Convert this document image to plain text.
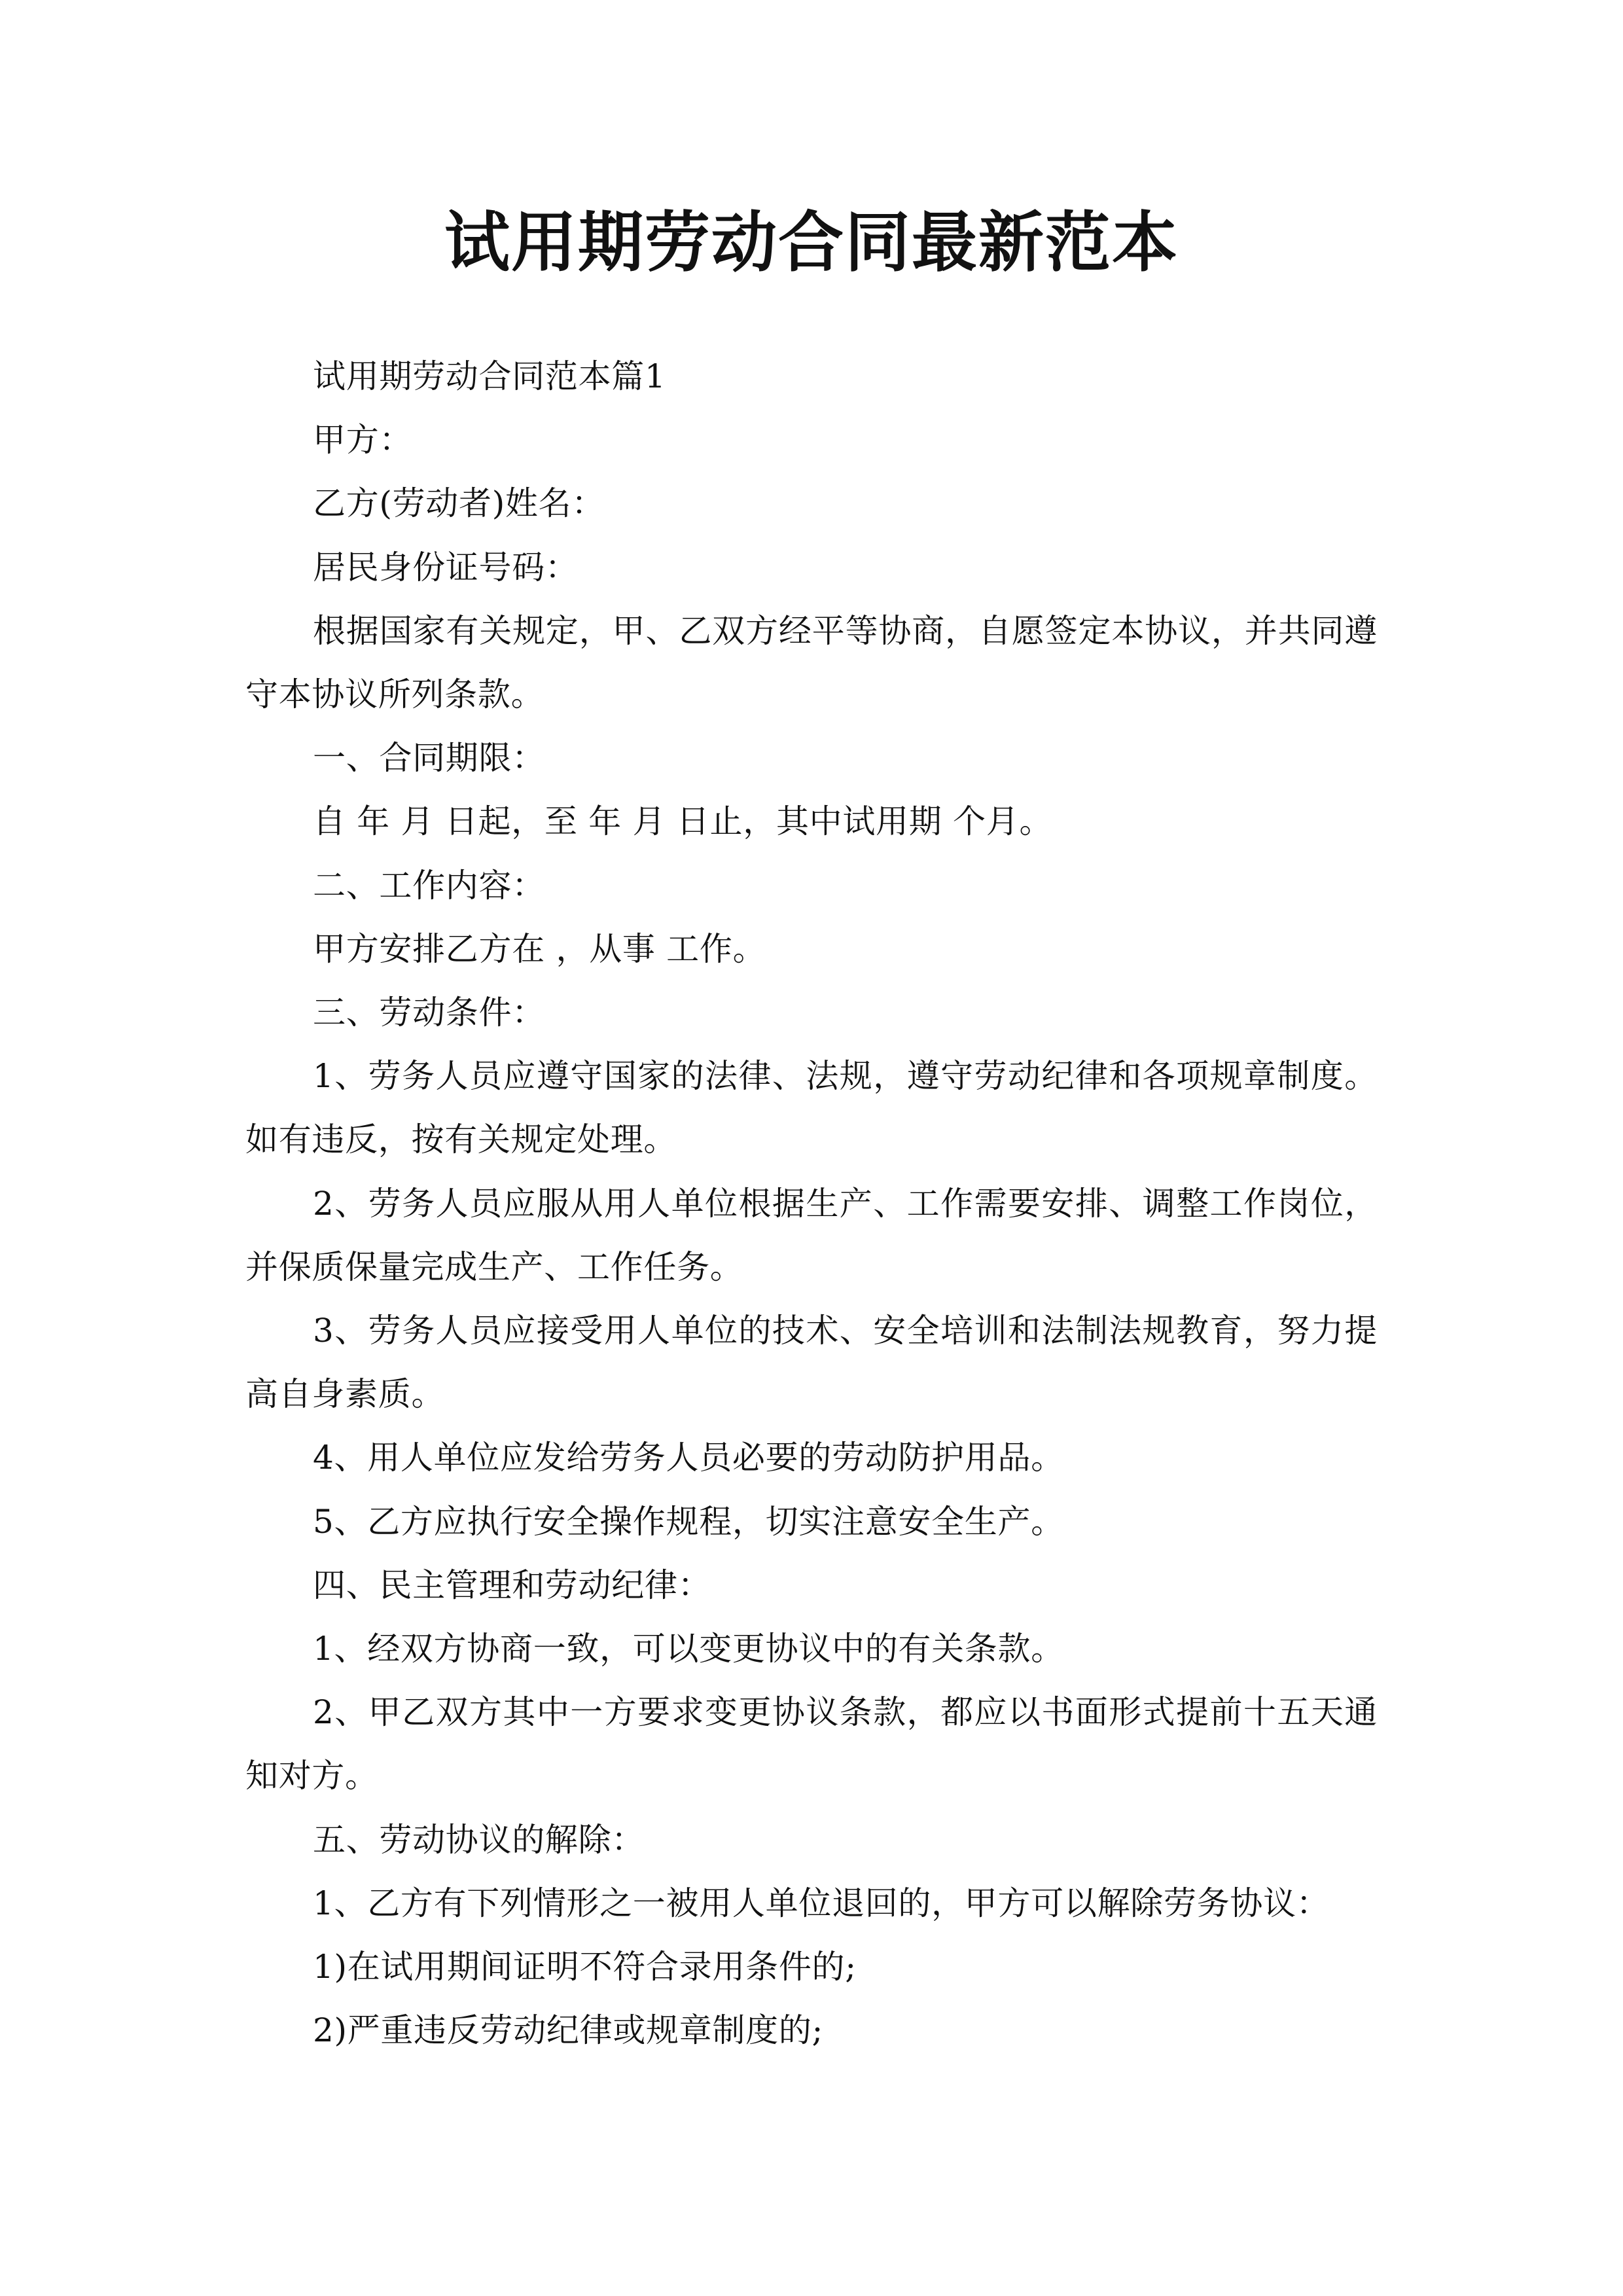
试用期劳动合同最新范本

试用期劳动合同范本篇1

甲方：

乙方(劳动者)姓名：

居民身份证号码：

根据国家有关规定，甲、乙双方经平等协商，自愿签定本协议，并共同遵守本协议所列条款。

一、合同期限：

自 年 月 日起，至 年 月 日止，其中试用期 个月。

二、工作内容：

甲方安排乙方在 ，从事 工作。

三、劳动条件：

1、劳务人员应遵守国家的法律、法规，遵守劳动纪律和各项规章制度。如有违反，按有关规定处理。

2、劳务人员应服从用人单位根据生产、工作需要安排、调整工作岗位，并保质保量完成生产、工作任务。

3、劳务人员应接受用人单位的技术、安全培训和法制法规教育，努力提高自身素质。

4、用人单位应发给劳务人员必要的劳动防护用品。

5、乙方应执行安全操作规程，切实注意安全生产。

四、民主管理和劳动纪律：

1、经双方协商一致，可以变更协议中的有关条款。

2、甲乙双方其中一方要求变更协议条款，都应以书面形式提前十五天通知对方。

五、劳动协议的解除：

1、乙方有下列情形之一被用人单位退回的，甲方可以解除劳务协议：

1)在试用期间证明不符合录用条件的;

2)严重违反劳动纪律或规章制度的;
